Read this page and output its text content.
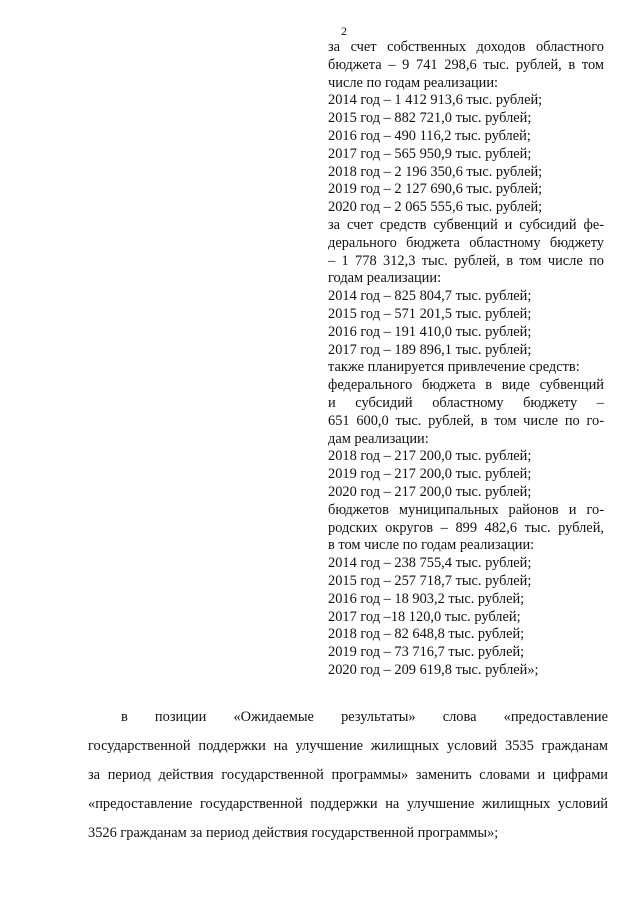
2
за счет собственных доходов областного
бюджета – 9 741 298,6 тыс. рублей, в том
числе по годам реализации:
2014 год – 1 412 913,6 тыс. рублей;
2015 год – 882 721,0 тыс. рублей;
2016 год – 490 116,2 тыс. рублей;
2017 год – 565 950,9 тыс. рублей;
2018 год – 2 196 350,6 тыс. рублей;
2019 год – 2 127 690,6 тыс. рублей;
2020 год – 2 065 555,6 тыс. рублей;
за счет средств субвенций и субсидий фе-
дерального бюджета областному бюджету
– 1 778 312,3 тыс. рублей, в том числе по
годам реализации:
2014 год – 825 804,7 тыс. рублей;
2015 год – 571 201,5 тыс. рублей;
2016 год – 191 410,0 тыс. рублей;
2017 год – 189 896,1 тыс. рублей;
также планируется привлечение средств:
федерального бюджета в виде субвенций
и субсидий областному бюджету –
651 600,0 тыс. рублей, в том числе по го-
дам реализации:
2018 год – 217 200,0 тыс. рублей;
2019 год – 217 200,0 тыс. рублей;
2020 год – 217 200,0 тыс. рублей;
бюджетов муниципальных районов и го-
родских округов – 899 482,6 тыс. рублей,
в том числе по годам реализации:
2014 год – 238 755,4 тыс. рублей;
2015 год – 257 718,7 тыс. рублей;
2016 год – 18 903,2 тыс. рублей;
2017 год –18 120,0 тыс. рублей;
2018 год – 82 648,8 тыс. рублей;
2019 год – 73 716,7 тыс. рублей;
2020 год – 209 619,8 тыс. рублей»;
в позиции «Ожидаемые результаты» слова «предоставление
государственной поддержки на улучшение жилищных условий 3535 гражданам
за период действия государственной программы» заменить словами и цифрами
«предоставление государственной поддержки на улучшение жилищных условий
3526 гражданам за период действия государственной программы»;
